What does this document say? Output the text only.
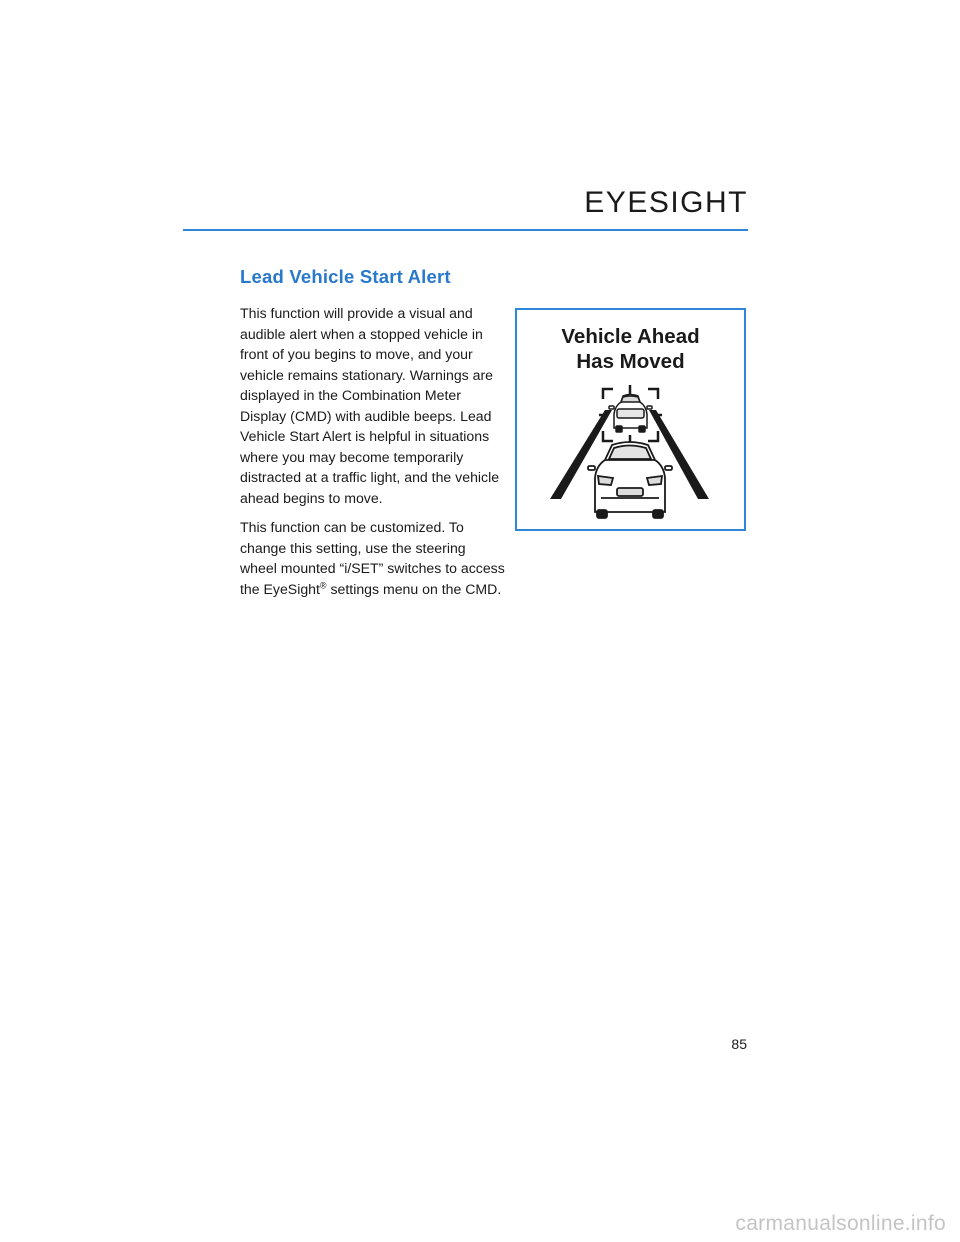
EYESIGHT
Lead Vehicle Start Alert

This function will provide a visual and audible alert when a stopped vehicle in front of you begins to move, and your vehicle remains stationary. Warnings are displayed in the Combination Meter Display (CMD) with audible beeps. Lead Vehicle Start Alert is helpful in situations where you may become temporarily distracted at a traffic light, and the vehicle ahead begins to move.

This function can be customized. To change this setting, use the steering wheel mounted “i/SET” switches to access the EyeSight® settings menu on the CMD.

Vehicle Ahead
Has Moved
85
carmanualsonline.info
